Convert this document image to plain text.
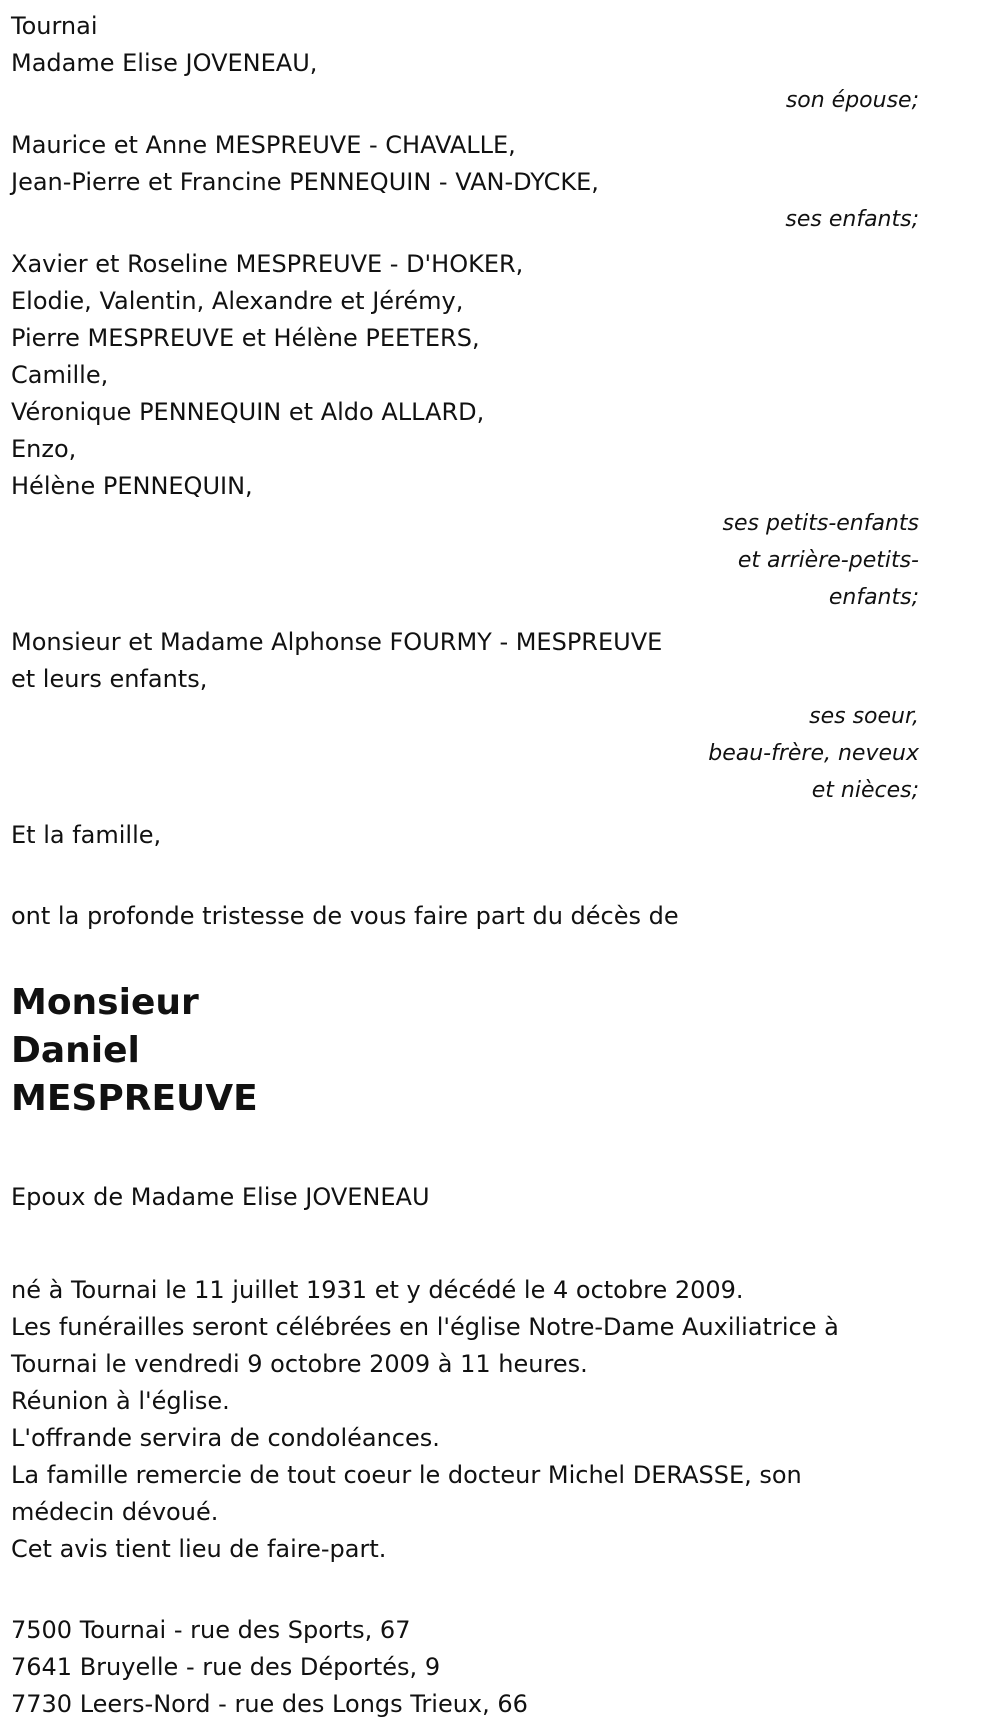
Tournai

Madame Elise JOVENEAU,

son épouse;

Maurice et Anne MESPREUVE - CHAVALLE,

Jean-Pierre et Francine PENNEQUIN - VAN-DYCKE,

ses enfants;

Xavier et Roseline MESPREUVE - D'HOKER,

Elodie, Valentin, Alexandre et Jérémy,

Pierre MESPREUVE et Hélène PEETERS,

Camille,

Véronique PENNEQUIN et Aldo ALLARD,

Enzo,

Hélène PENNEQUIN,

ses petits-enfants

et arrière-petits-

enfants;

Monsieur et Madame Alphonse FOURMY - MESPREUVE

et leurs enfants,

ses soeur,

beau-frère, neveux

et nièces;

Et la famille,

ont la profonde tristesse de vous faire part du décès de

Monsieur

Daniel

MESPREUVE

Epoux de Madame Elise JOVENEAU

né à Tournai le 11 juillet 1931 et y décédé le 4 octobre 2009.

Les funérailles seront célébrées en l'église Notre-Dame Auxiliatrice à

Tournai le vendredi 9 octobre 2009 à 11 heures.

Réunion à l'église.

L'offrande servira de condoléances.

La famille remercie de tout coeur le docteur Michel DERASSE, son

médecin dévoué.

Cet avis tient lieu de faire-part.

7500 Tournai - rue des Sports, 67

7641 Bruyelle - rue des Déportés, 9

7730 Leers-Nord - rue des Longs Trieux, 66
